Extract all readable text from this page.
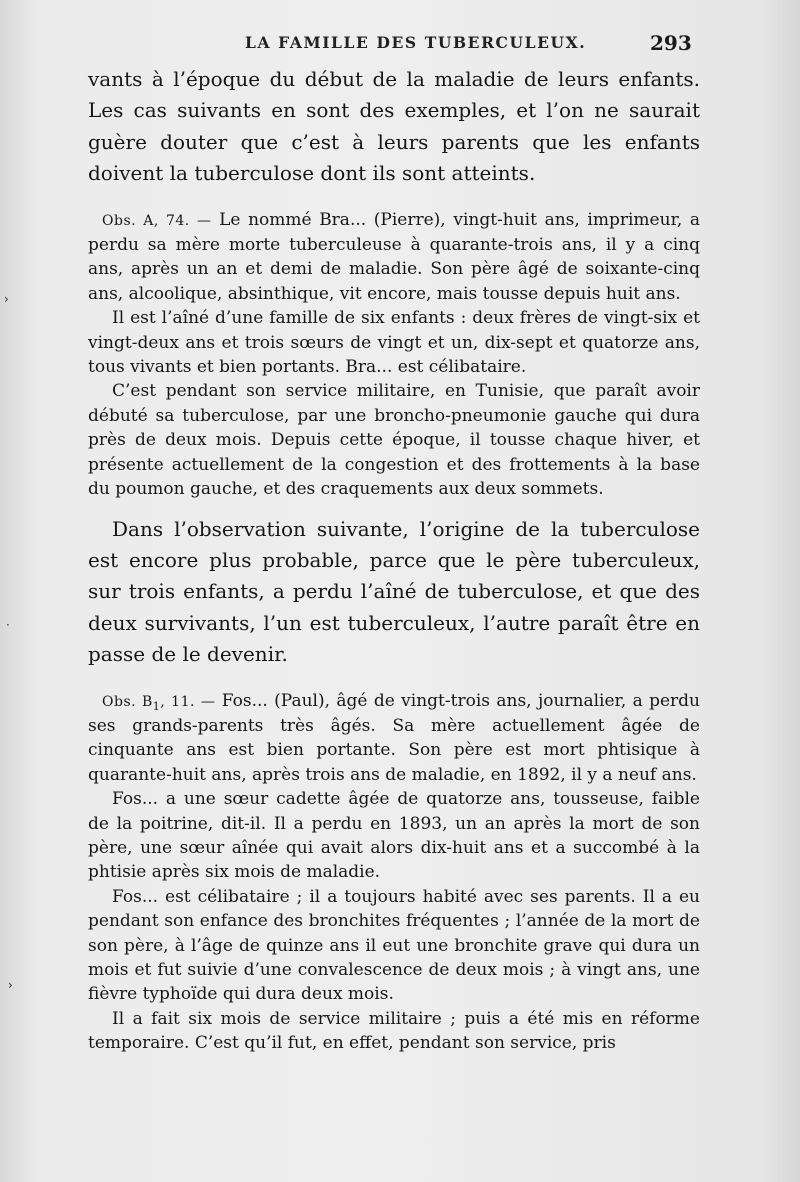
LA FAMILLE DES TUBERCULEUX.	293
›
·
›

vants à l’époque du début de la maladie de leurs enfants. Les cas suivants en sont des exemples, et l’on ne saurait guère douter que c’est à leurs parents que les enfants doivent la tuberculose dont ils sont atteints.

Obs. A, 74. — Le nommé Bra... (Pierre), vingt-huit ans, imprimeur, a perdu sa mère morte tuberculeuse à quarante-trois ans, il y a cinq ans, après un an et demi de maladie. Son père âgé de soixante-cinq ans, alcoolique, absinthique, vit encore, mais tousse depuis huit ans.

Il est l’aîné d’une famille de six enfants : deux frères de vingt-six et vingt-deux ans et trois sœurs de vingt et un, dix-sept et quatorze ans, tous vivants et bien portants. Bra... est célibataire.

C’est pendant son service militaire, en Tunisie, que paraît avoir débuté sa tuberculose, par une broncho-pneumonie gauche qui dura près de deux mois. Depuis cette époque, il tousse chaque hiver, et présente actuellement de la congestion et des frottements à la base du poumon gauche, et des craquements aux deux sommets.

Dans l’observation suivante, l’origine de la tuberculose est encore plus probable, parce que le père tuberculeux, sur trois enfants, a perdu l’aîné de tuberculose, et que des deux survivants, l’un est tuberculeux, l’autre paraît être en passe de le devenir.

Obs. $B_1$, 11. — Fos... (Paul), âgé de vingt-trois ans, journalier, a perdu ses grands-parents très âgés. Sa mère actuellement âgée de cinquante ans est bien portante. Son père est mort phtisique à quarante-huit ans, après trois ans de maladie, en 1892, il y a neuf ans.

Fos... a une sœur cadette âgée de quatorze ans, tousseuse, faible de la poitrine, dit-il. Il a perdu en 1893, un an après la mort de son père, une sœur aînée qui avait alors dix-huit ans et a succombé à la phtisie après six mois de maladie.

Fos... est célibataire ; il a toujours habité avec ses parents. Il a eu pendant son enfance des bronchites fréquentes ; l’année de la mort de son père, à l’âge de quinze ans il eut une bronchite grave qui dura un mois et fut suivie d’une convalescence de deux mois ; à vingt ans, une fièvre typhoïde qui dura deux mois.

Il a fait six mois de service militaire ; puis a été mis en réforme temporaire. C’est qu’il fut, en effet, pendant son service, pris
